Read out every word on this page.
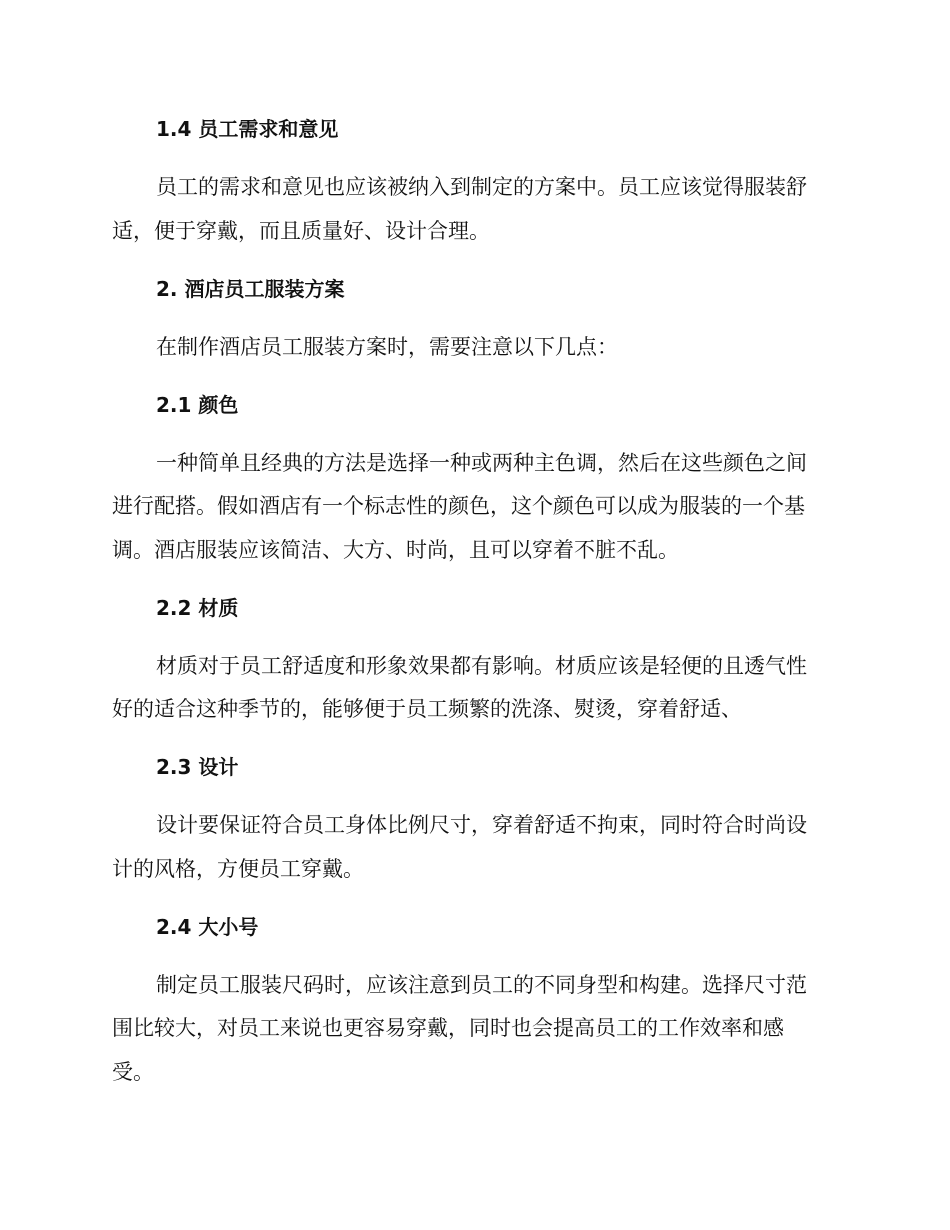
1.4 员工需求和意见
员工的需求和意见也应该被纳入到制定的方案中。员工应该觉得服装舒
适，便于穿戴，而且质量好、设计合理。
2. 酒店员工服装方案
在制作酒店员工服装方案时，需要注意以下几点：
2.1 颜色
一种简单且经典的方法是选择一种或两种主色调，然后在这些颜色之间
进行配搭。假如酒店有一个标志性的颜色，这个颜色可以成为服装的一个基
调。酒店服装应该简洁、大方、时尚，且可以穿着不脏不乱。
2.2 材质
材质对于员工舒适度和形象效果都有影响。材质应该是轻便的且透气性
好的适合这种季节的，能够便于员工频繁的洗涤、熨烫，穿着舒适、
2.3 设计
设计要保证符合员工身体比例尺寸，穿着舒适不拘束，同时符合时尚设
计的风格，方便员工穿戴。
2.4 大小号
制定员工服装尺码时，应该注意到员工的不同身型和构建。选择尺寸范
围比较大，对员工来说也更容易穿戴，同时也会提高员工的工作效率和感
受。
